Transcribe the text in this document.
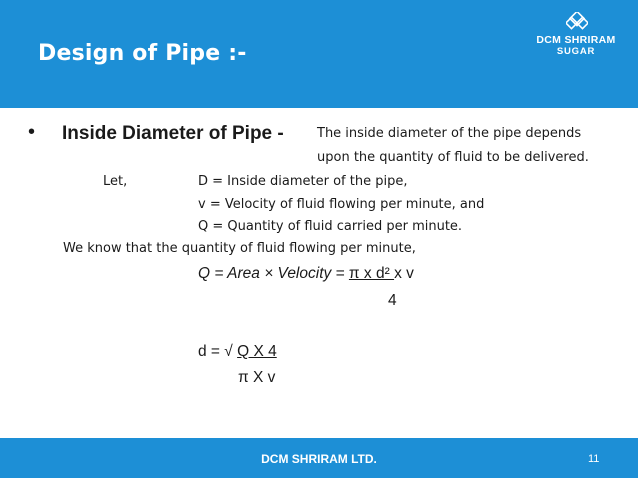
Design of Pipe :-
DCM SHRIRAM
SUGAR
• Inside Diameter of Pipe -	The inside diameter of the pipe depends
upon the quantity of fluid to be delivered.
Let,	D = Inside diameter of the pipe,
v = Velocity of fluid flowing per minute, and
Q = Quantity of fluid carried per minute.
We know that the quantity of fluid flowing per minute,
Q = Area × Velocity = π x d² x v
4
d = √ Q X 4
π X v
DCM SHRIRAM LTD.	11
